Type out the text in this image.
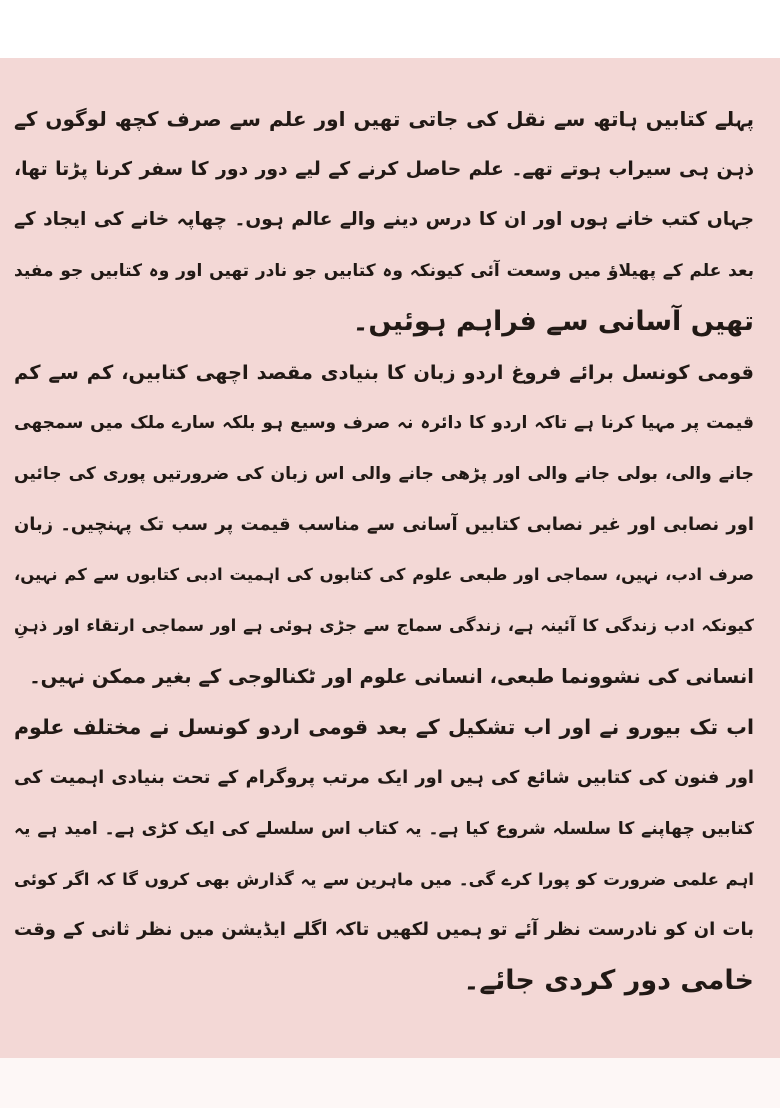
پہلے کتابیں ہاتھ سے نقل کی جاتی تھیں اور علم سے صرف کچھ لوگوں کے
ذہن ہی سیراب ہوتے تھے۔ علم حاصل کرنے کے لیے دور دور کا سفر کرنا پڑتا تھا،
جہاں کتب خانے ہوں اور ان کا درس دینے والے عالم ہوں۔ چھاپہ خانے کی ایجاد کے
بعد علم کے پھیلاؤ میں وسعت آئی کیونکہ وہ کتابیں جو نادر تھیں اور وہ کتابیں جو مفید
تھیں آسانی سے فراہم ہوئیں۔
قومی کونسل برائے فروغ اردو زبان کا بنیادی مقصد اچھی کتابیں، کم سے کم
قیمت پر مہیا کرنا ہے تاکہ اردو کا دائرہ نہ صرف وسیع ہو بلکہ سارے ملک میں سمجھی
جانے والی، بولی جانے والی اور پڑھی جانے والی اس زبان کی ضرورتیں پوری کی جائیں
اور نصابی اور غیر نصابی کتابیں آسانی سے مناسب قیمت پر سب تک پہنچیں۔ زبان
صرف ادب، نہیں، سماجی اور طبعی علوم کی کتابوں کی اہمیت ادبی کتابوں سے کم نہیں،
کیونکہ ادب زندگی کا آئینہ ہے، زندگی سماج سے جڑی ہوئی ہے اور سماجی ارتقاء اور ذہنِ
انسانی کی نشوونما طبعی، انسانی علوم اور ٹکنالوجی کے بغیر ممکن نہیں۔
اب تک بیورو نے اور اب تشکیل کے بعد قومی اردو کونسل نے مختلف علوم
اور فنون کی کتابیں شائع کی ہیں اور ایک مرتب پروگرام کے تحت بنیادی اہمیت کی
کتابیں چھاپنے کا سلسلہ شروع کیا ہے۔ یہ کتاب اس سلسلے کی ایک کڑی ہے۔ امید ہے یہ
اہم علمی ضرورت کو پورا کرے گی۔ میں ماہرین سے یہ گذارش بھی کروں گا کہ اگر کوئی
بات ان کو نادرست نظر آئے تو ہمیں لکھیں تاکہ اگلے ایڈیشن میں نظر ثانی کے وقت
خامی دور کردی جائے۔
